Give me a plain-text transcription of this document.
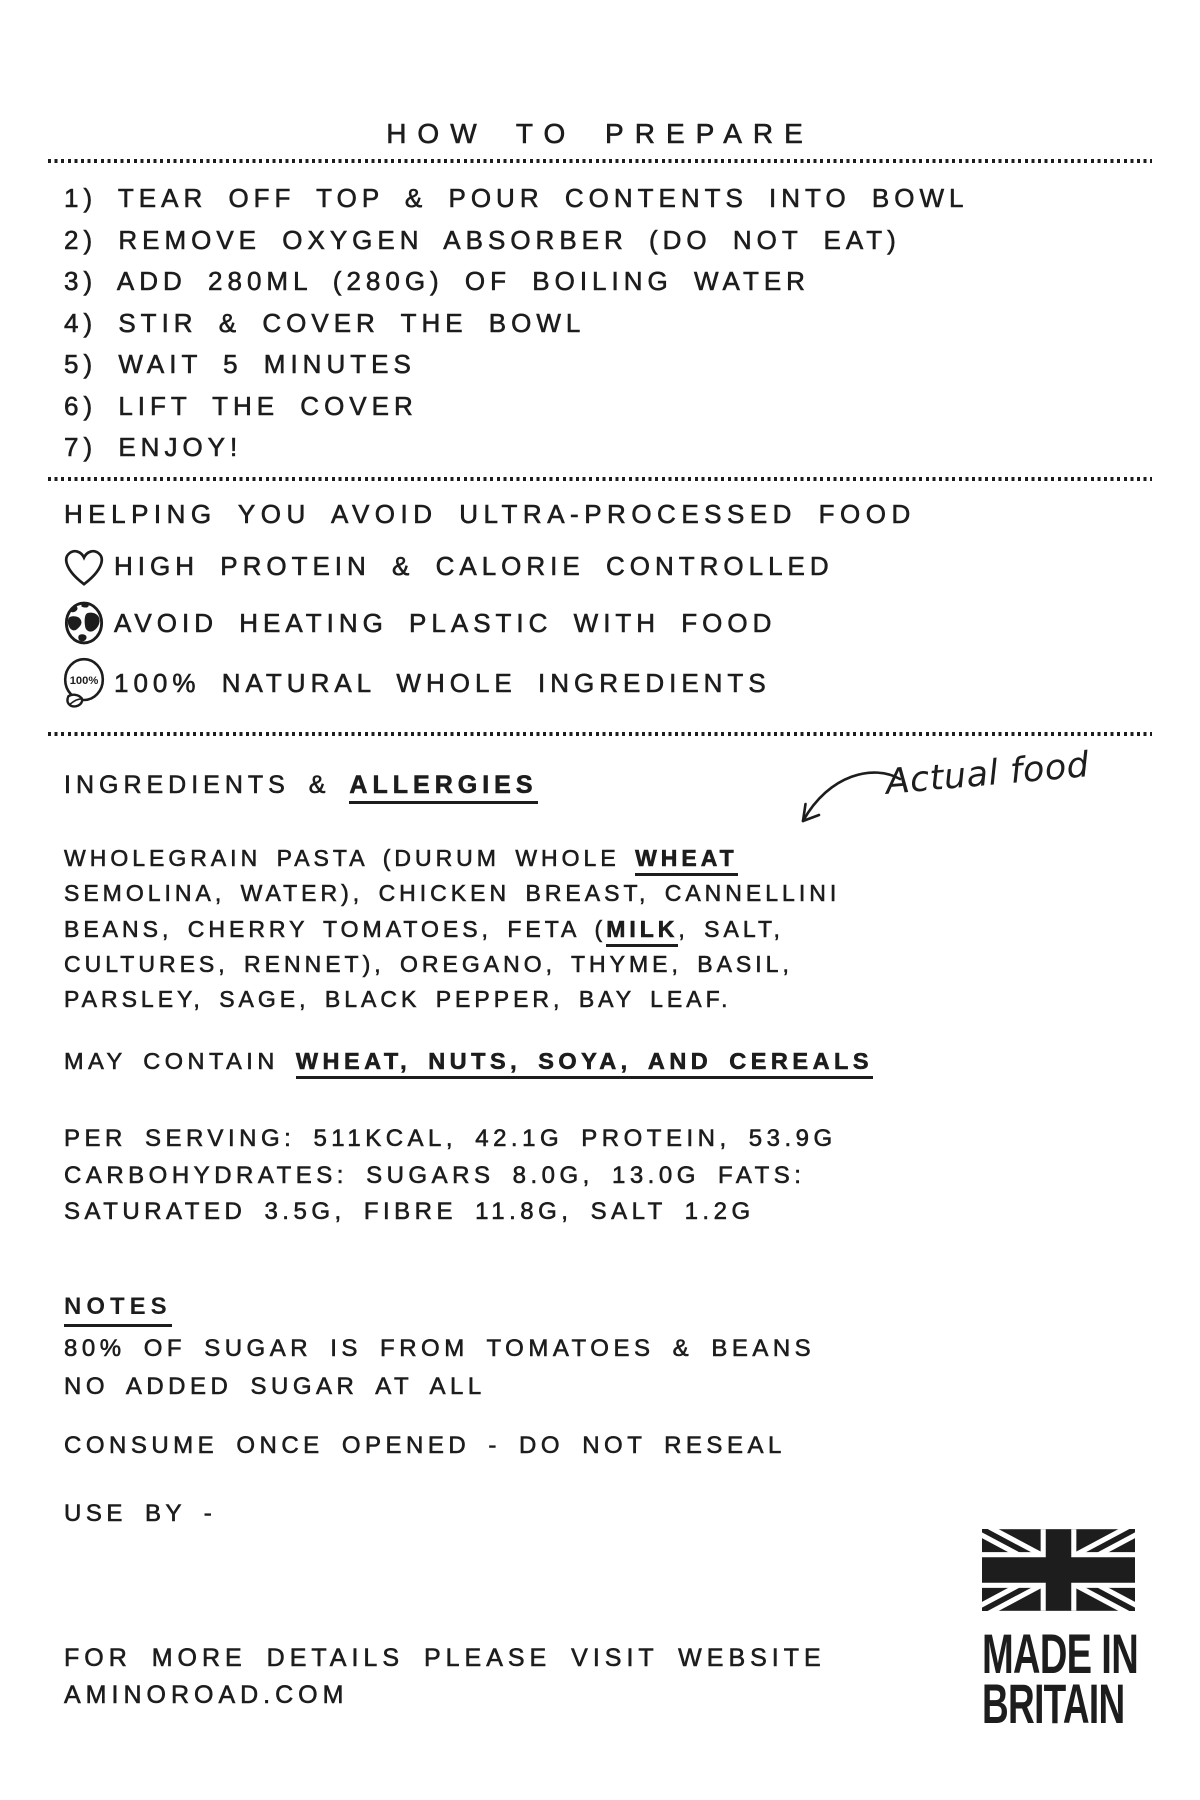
HOW TO PREPARE
1) TEAR OFF TOP & POUR CONTENTS INTO BOWL
2) REMOVE OXYGEN ABSORBER (DO NOT EAT)
3) ADD 280ML (280G) OF BOILING WATER
4) STIR & COVER THE BOWL
5) WAIT 5 MINUTES
6) LIFT THE COVER
7) ENJOY!
HELPING YOU AVOID ULTRA-PROCESSED FOOD
HIGH PROTEIN & CALORIE CONTROLLED
AVOID HEATING PLASTIC WITH FOOD
100% 100% NATURAL WHOLE INGREDIENTS
INGREDIENTS & ALLERGIES	Actual food
WHOLEGRAIN PASTA (DURUM WHOLE WHEAT
SEMOLINA, WATER), CHICKEN BREAST, CANNELLINI
BEANS, CHERRY TOMATOES, FETA (MILK, SALT,
CULTURES, RENNET), OREGANO, THYME, BASIL,
PARSLEY, SAGE, BLACK PEPPER, BAY LEAF.
MAY CONTAIN WHEAT, NUTS, SOYA, AND CEREALS
PER SERVING: 511KCAL, 42.1G PROTEIN, 53.9G
CARBOHYDRATES: SUGARS 8.0G, 13.0G FATS:
SATURATED 3.5G, FIBRE 11.8G, SALT 1.2G
NOTES
80% OF SUGAR IS FROM TOMATOES & BEANS
NO ADDED SUGAR AT ALL
CONSUME ONCE OPENED - DO NOT RESEAL
USE BY -
FOR MORE DETAILS PLEASE VISIT WEBSITE
AMINOROAD.COM
MADE IN
BRITAIN
